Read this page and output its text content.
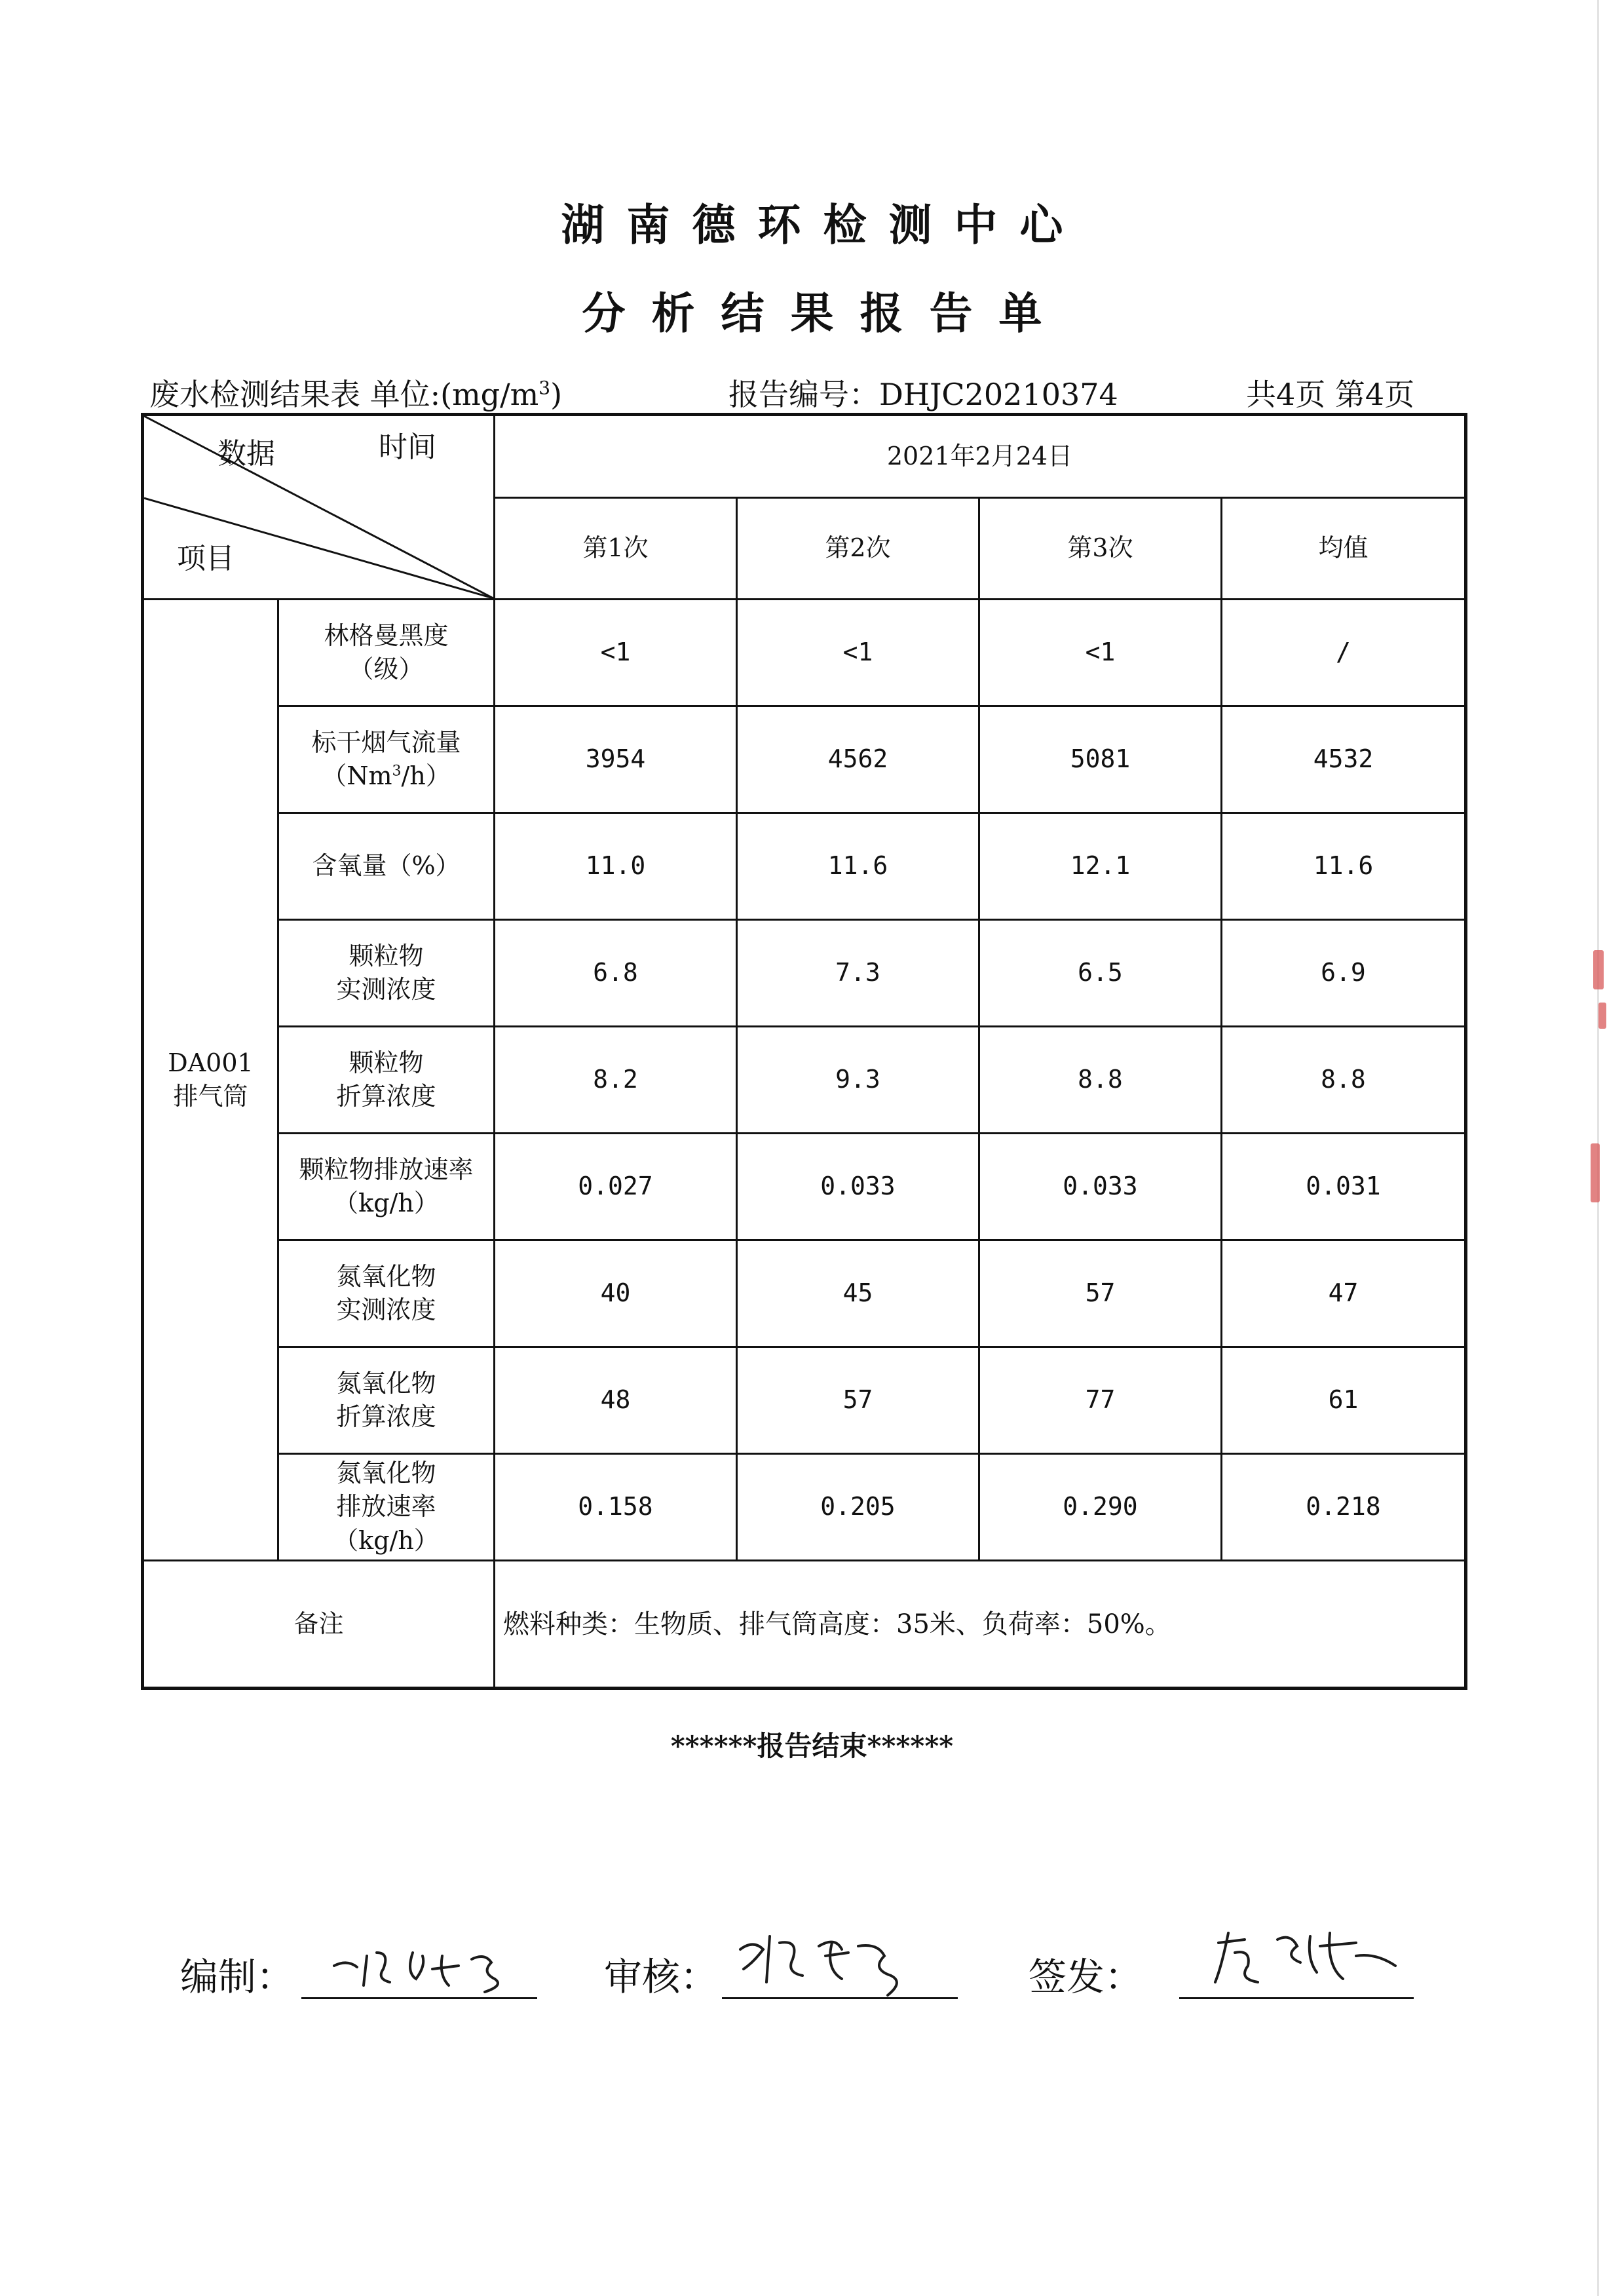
湖南德环检测中心
分析结果报告单
废水检测结果表 单位$:(mg/m^3)$	报告编号：DHJC20210374	共4页 第4页
数据 时间
项目		2021年2月24日			
		第1次	第2次	第3次	均值
DA001
排气筒	林格曼黑度
（级）	<1	<1	<1	/
	标干烟气流量
（Nm$^3$/h）	3954	4562	5081	4532
	含氧量（%）	11.0	11.6	12.1	11.6
	颗粒物
实测浓度	6.8	7.3	6.5	6.9
	颗粒物
折算浓度	8.2	9.3	8.8	8.8
	颗粒物排放速率
（kg/h）	0.027	0.033	0.033	0.031
	氮氧化物
实测浓度	40	45	57	47
	氮氧化物
折算浓度	48	57	77	61
	氮氧化物
排放速率
（kg/h）	0.158	0.205	0.290	0.218
备注		燃料种类：生物质、排气筒高度：35米、负荷率：50%。			
******报告结束******
编制：	审核：	签发：
